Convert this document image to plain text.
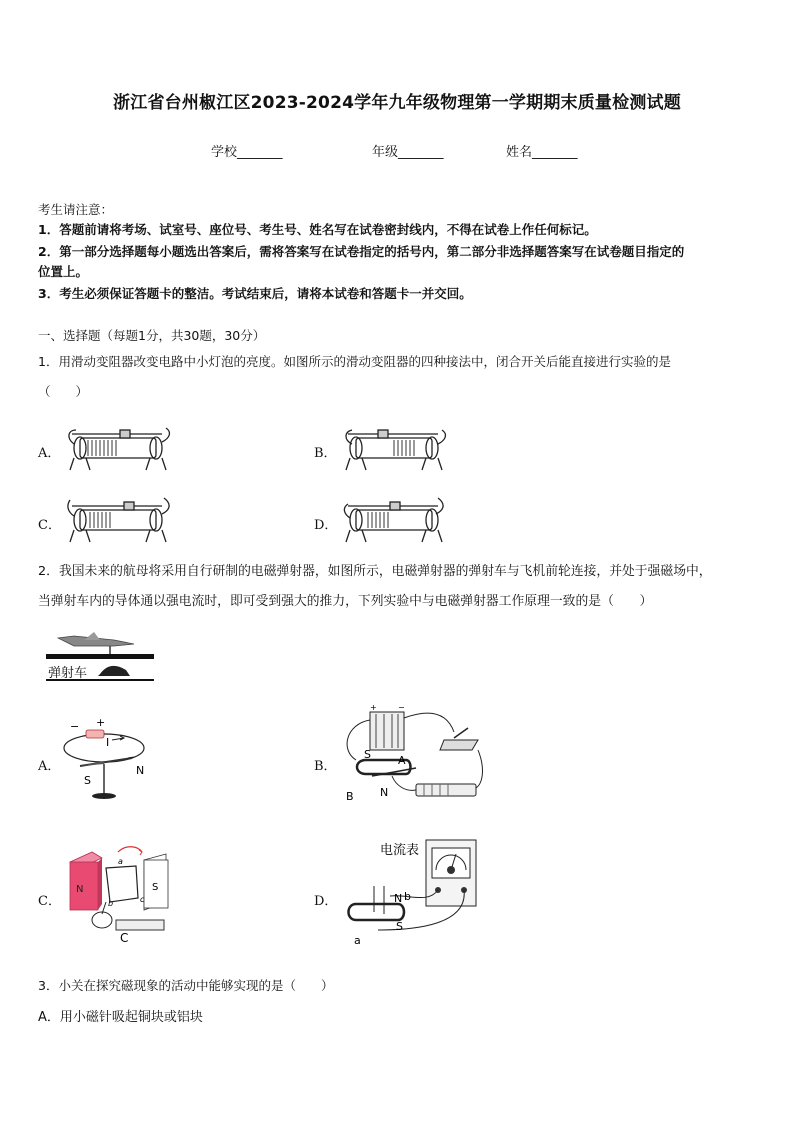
浙江省台州椒江区2023-2024学年九年级物理第一学期期末质量检测试题
学校_______	年级_______	姓名_______
考生请注意：
1．答题前请将考场、试室号、座位号、考生号、姓名写在试卷密封线内，不得在试卷上作任何标记。
2．第一部分选择题每小题选出答案后，需将答案写在试卷指定的括号内，第二部分非选择题答案写在试卷题目指定的
位置上。
3．考生必须保证答题卡的整洁。考试结束后，请将本试卷和答题卡一并交回。
一、选择题（每题1分，共30题，30分）
1．用滑动变阻器改变电路中小灯泡的亮度。如图所示的滑动变阻器的四种接法中，闭合开关后能直接进行实验的是
（　　）
A．	B．
C．	D．
2．我国未来的航母将采用自行研制的电磁弹射器，如图所示，电磁弹射器的弹射车与飞机前轮连接，并处于强磁场中，
当弹射车内的导体通以强电流时，即可受到强大的推力，下列实验中与电磁弹射器工作原理一致的是（　　）
弹射车
A．	B．
C．	D．
− +
I
S
N
+	−
S A
B N
N	S
a
b	c
C
电流表
N b
a
S
3．小关在探究磁现象的活动中能够实现的是（　　）
A．用小磁针吸起铜块或铝块
